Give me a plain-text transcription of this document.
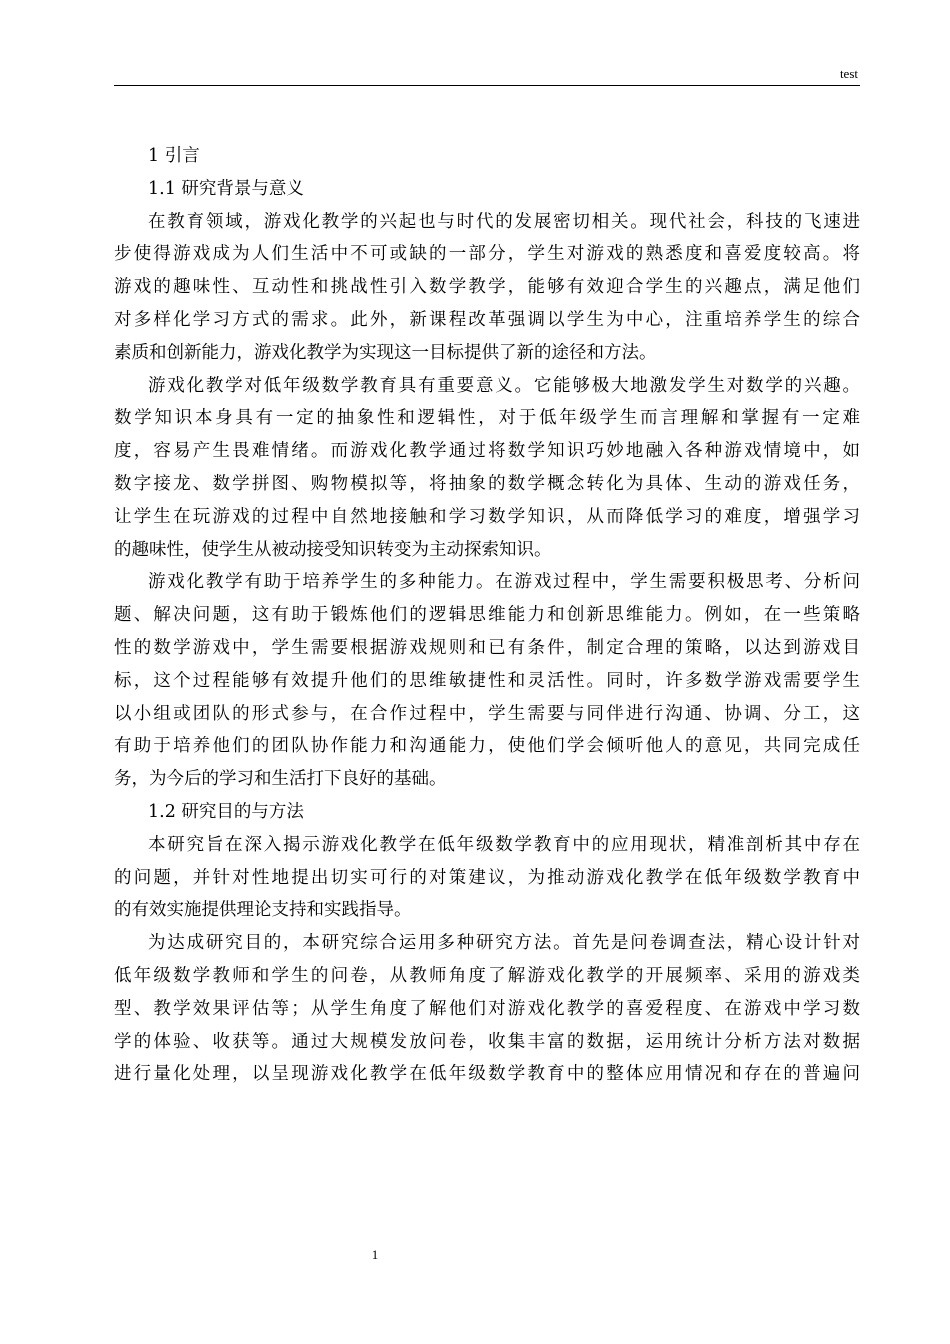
test
1 引言
1.1 研究背景与意义
在教育领域，游戏化教学的兴起也与时代的发展密切相关。现代社会，科技的飞速进
步使得游戏成为人们生活中不可或缺的一部分，学生对游戏的熟悉度和喜爱度较高。将
游戏的趣味性、互动性和挑战性引入数学教学，能够有效迎合学生的兴趣点，满足他们
对多样化学习方式的需求。此外，新课程改革强调以学生为中心，注重培养学生的综合
素质和创新能力，游戏化教学为实现这一目标提供了新的途径和方法。
游戏化教学对低年级数学教育具有重要意义。它能够极大地激发学生对数学的兴趣。
数学知识本身具有一定的抽象性和逻辑性，对于低年级学生而言理解和掌握有一定难
度，容易产生畏难情绪。而游戏化教学通过将数学知识巧妙地融入各种游戏情境中，如
数字接龙、数学拼图、购物模拟等，将抽象的数学概念转化为具体、生动的游戏任务，
让学生在玩游戏的过程中自然地接触和学习数学知识，从而降低学习的难度，增强学习
的趣味性，使学生从被动接受知识转变为主动探索知识。
游戏化教学有助于培养学生的多种能力。在游戏过程中，学生需要积极思考、分析问
题、解决问题，这有助于锻炼他们的逻辑思维能力和创新思维能力。例如，在一些策略
性的数学游戏中，学生需要根据游戏规则和已有条件，制定合理的策略，以达到游戏目
标，这个过程能够有效提升他们的思维敏捷性和灵活性。同时，许多数学游戏需要学生
以小组或团队的形式参与，在合作过程中，学生需要与同伴进行沟通、协调、分工，这
有助于培养他们的团队协作能力和沟通能力，使他们学会倾听他人的意见，共同完成任
务，为今后的学习和生活打下良好的基础。
1.2 研究目的与方法
本研究旨在深入揭示游戏化教学在低年级数学教育中的应用现状，精准剖析其中存在
的问题，并针对性地提出切实可行的对策建议，为推动游戏化教学在低年级数学教育中
的有效实施提供理论支持和实践指导。
为达成研究目的，本研究综合运用多种研究方法。首先是问卷调查法，精心设计针对
低年级数学教师和学生的问卷，从教师角度了解游戏化教学的开展频率、采用的游戏类
型、教学效果评估等；从学生角度了解他们对游戏化教学的喜爱程度、在游戏中学习数
学的体验、收获等。通过大规模发放问卷，收集丰富的数据，运用统计分析方法对数据
进行量化处理，以呈现游戏化教学在低年级数学教育中的整体应用情况和存在的普遍问
1
